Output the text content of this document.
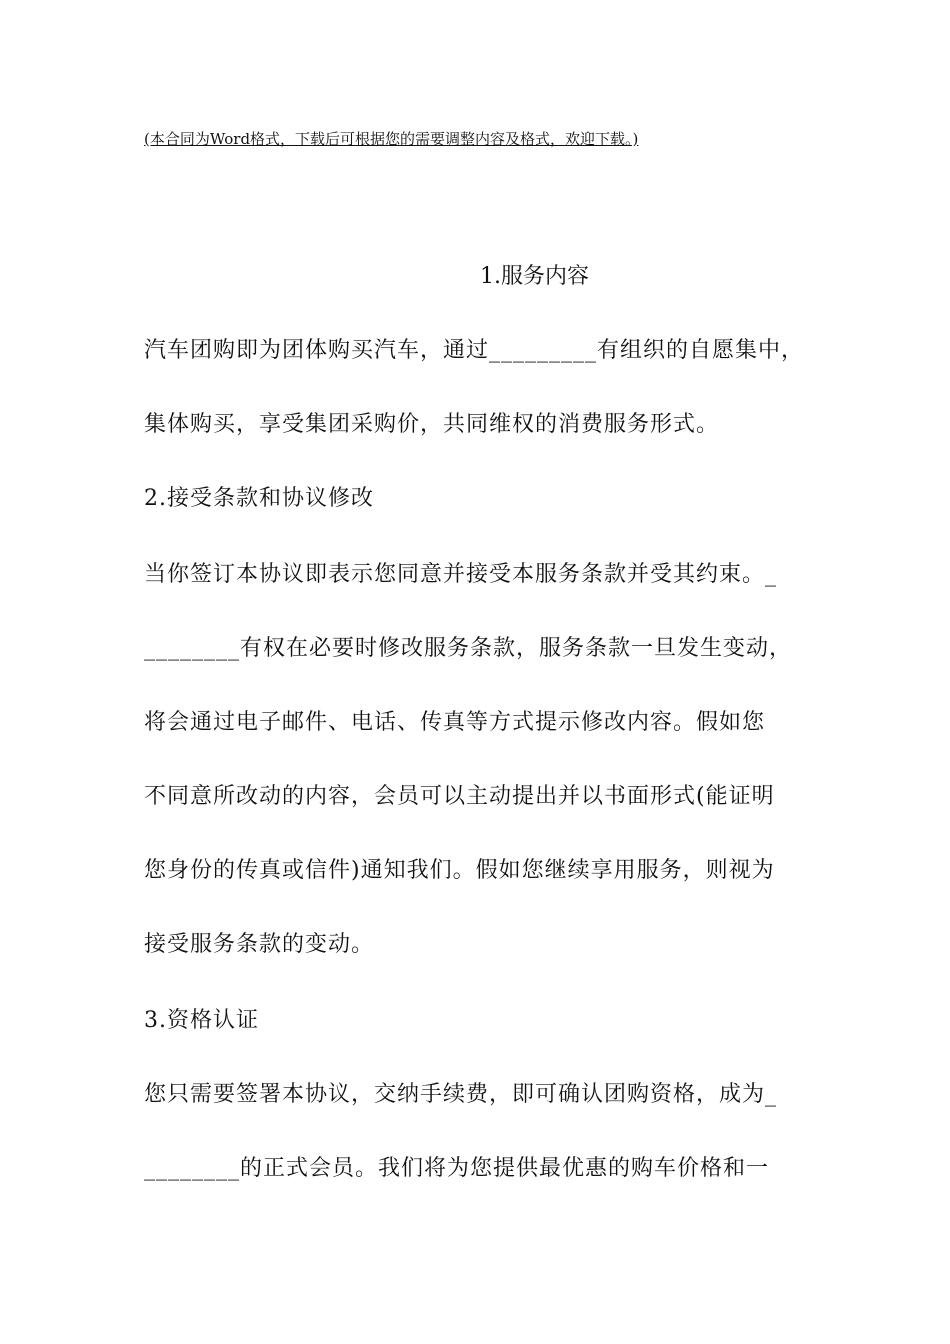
(本合同为Word格式，下载后可根据您的需要调整内容及格式，欢迎下载。)
1.服务内容
汽车团购即为团体购买汽车，通过_________有组织的自愿集中，
集体购买，享受集团采购价，共同维权的消费服务形式。
2.接受条款和协议修改
当你签订本协议即表示您同意并接受本服务条款并受其约束。_
________有权在必要时修改服务条款，服务条款一旦发生变动，
将会通过电子邮件、电话、传真等方式提示修改内容。假如您
不同意所改动的内容，会员可以主动提出并以书面形式(能证明
您身份的传真或信件)通知我们。假如您继续享用服务，则视为
接受服务条款的变动。
3.资格认证
您只需要签署本协议，交纳手续费，即可确认团购资格，成为_
________的正式会员。我们将为您提供最优惠的购车价格和一
